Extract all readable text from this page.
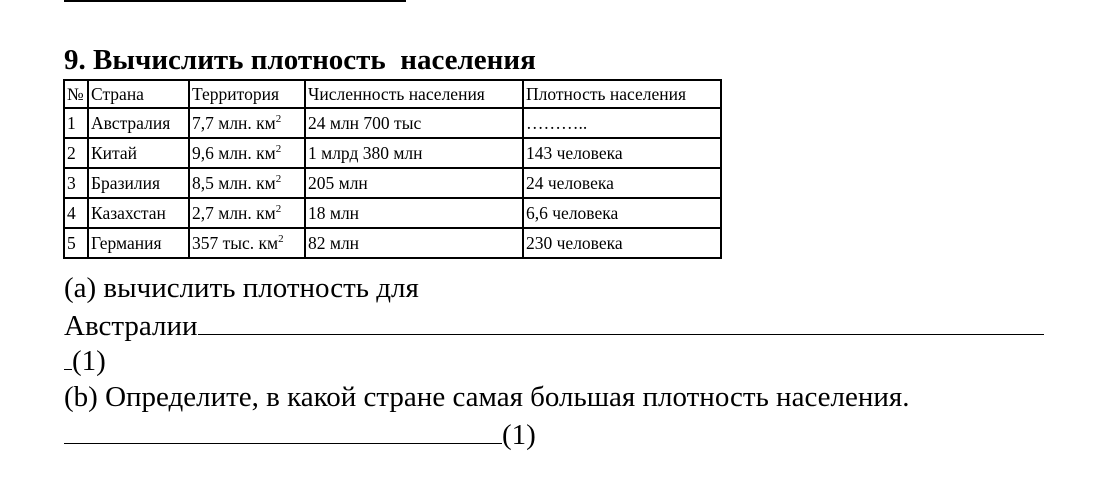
9. Вычислить плотность  населения
№	Страна	Территория	Численность населения	Плотность населения
1	Австралия	7,7 млн. $км^2$	24 млн 700 тыс	………..
2	Китай	9,6 млн. $км^2$	1 млрд 380 млн	143 человека
3	Бразилия	8,5 млн. $км^2$	205 млн	24 человека
4	Казахстан	2,7 млн. $км^2$	18 млн	6,6 человека
5	Германия	357 тыс. $км^2$	82 млн	230 человека
(a) вычислить плотность для
Австралии
(1)
(b) Определите, в какой стране самая большая плотность населения.
(1)
